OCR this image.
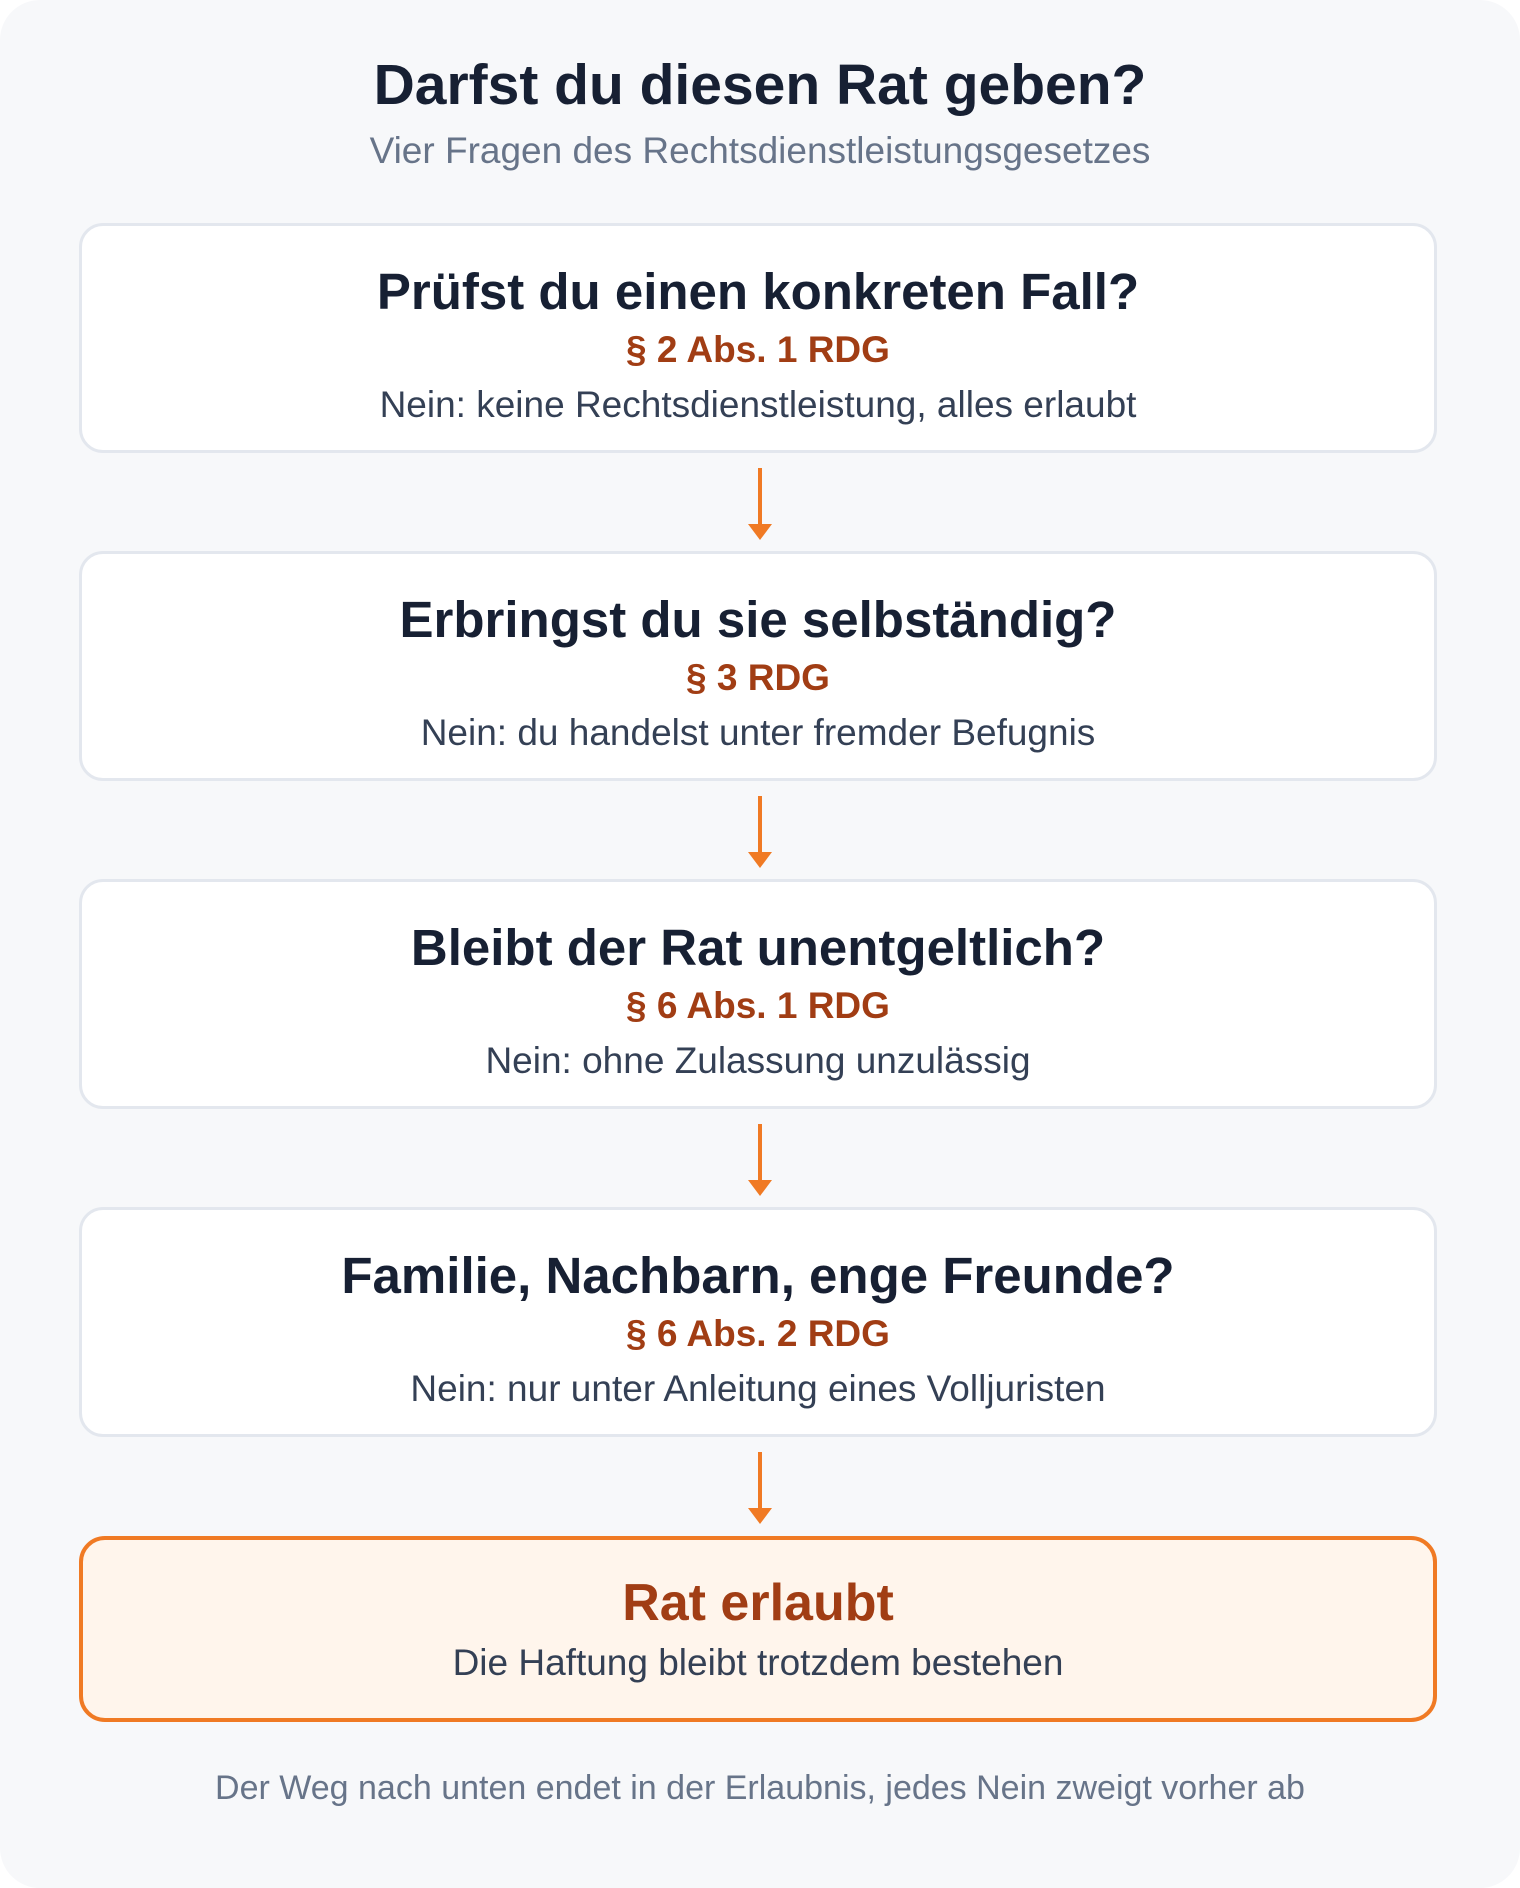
Darfst du diesen Rat geben?
Vier Fragen des Rechtsdienstleistungsgesetzes
Prüfst du einen konkreten Fall?
§ 2 Abs. 1 RDG
Nein: keine Rechtsdienstleistung, alles erlaubt
Erbringst du sie selbständig?
§ 3 RDG
Nein: du handelst unter fremder Befugnis
Bleibt der Rat unentgeltlich?
§ 6 Abs. 1 RDG
Nein: ohne Zulassung unzulässig
Familie, Nachbarn, enge Freunde?
§ 6 Abs. 2 RDG
Nein: nur unter Anleitung eines Volljuristen
Rat erlaubt
Die Haftung bleibt trotzdem bestehen
Der Weg nach unten endet in der Erlaubnis, jedes Nein zweigt vorher ab
